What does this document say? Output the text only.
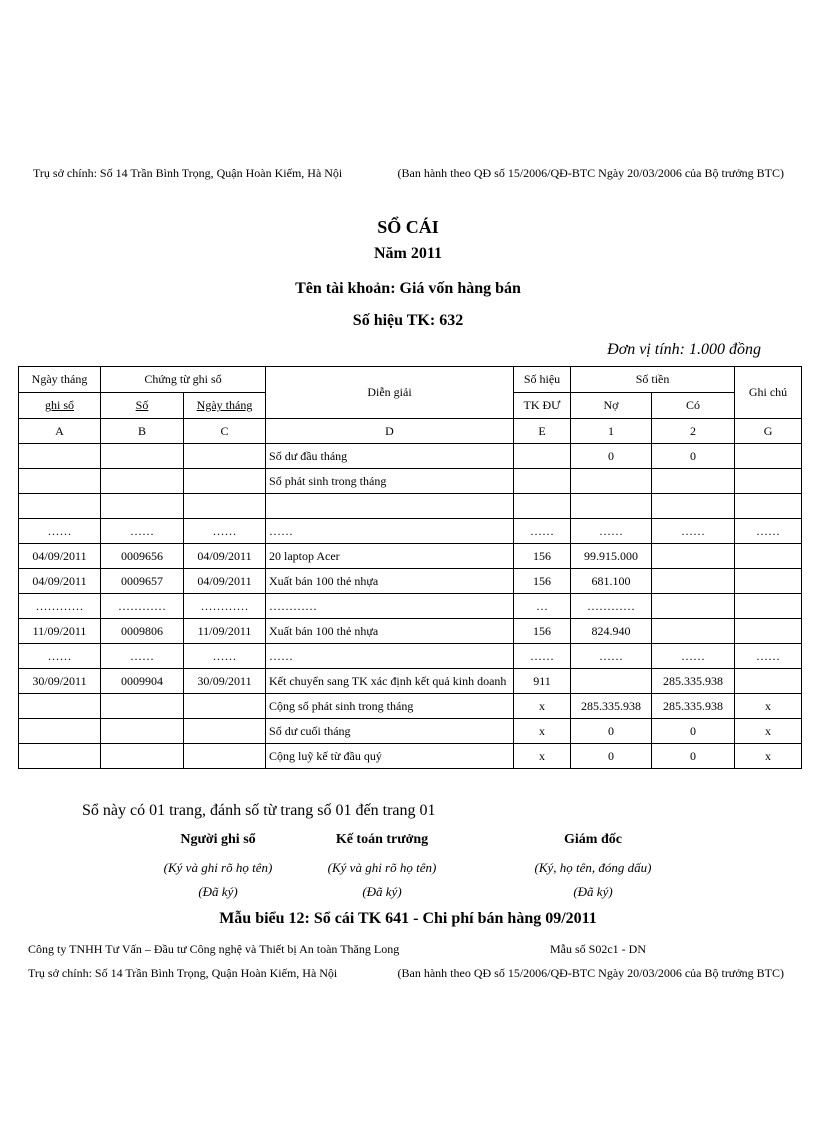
Trụ sở chính: Số 14 Trần Bình Trọng, Quận Hoàn Kiếm, Hà Nội	(Ban hành theo QĐ số 15/2006/QĐ-BTC Ngày 20/03/2006 của Bộ trưởng BTC)
SỔ CÁI
Năm 2011
Tên tài khoản: Giá vốn hàng bán
Số hiệu TK: 632
Đơn vị tính: 1.000 đồng
Ngày tháng	Chứng từ ghi sổ		Diễn giải	Số hiệu	Số tiền		Ghi chú
ghi sổ	Số	Ngày tháng		TK ĐƯ	Nợ	Có	
A	B	C	D	E	1	2	G
			Số dư đầu tháng		0	0	
			Số phát sinh trong tháng				

……	……	……	……	……	……	……	……
04/09/2011	0009656	04/09/2011	20 laptop Acer	156	99.915.000		
04/09/2011	0009657	04/09/2011	Xuất bán 100 thẻ nhựa	156	681.100		
…………	…………	…………	…………	…	…………		
11/09/2011	0009806	11/09/2011	Xuất bán 100 thẻ nhựa	156	824.940		
……	……	……	……	……	……	……	……
30/09/2011	0009904	30/09/2011	Kết chuyển sang TK xác định kết quả kinh doanh	911		285.335.938	
			Cộng số phát sinh trong tháng	x	285.335.938	285.335.938	x
			Số dư cuối tháng	x	0	0	x
			Cộng luỹ kế từ đầu quý	x	0	0	x
Sổ này có 01 trang, đánh số từ trang số 01 đến trang 01
Người ghi sổ	Kế toán trưởng	Giám đốc
(Ký và ghi rõ họ tên)	(Ký và ghi rõ họ tên)	(Ký, họ tên, đóng dấu)
(Đã ký)	(Đã ký)	(Đã ký)
Mẫu biểu 12: Sổ cái TK 641 - Chi phí bán hàng 09/2011
Công ty TNHH Tư Vấn – Đầu tư Công nghệ và Thiết bị An toàn Thăng Long	Mẫu số S02c1 - DN
Trụ sở chính: Số 14 Trần Bình Trọng, Quận Hoàn Kiếm, Hà Nội	(Ban hành theo QĐ số 15/2006/QĐ-BTC Ngày 20/03/2006 của Bộ trưởng BTC)
